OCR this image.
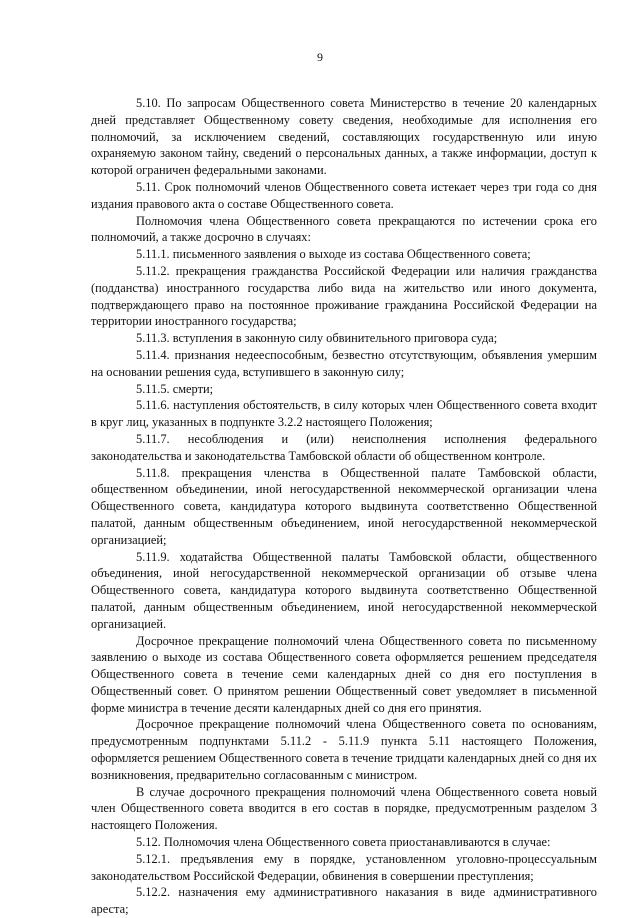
9

5.10. По запросам Общественного совета Министерство в течение 20 календарных дней представляет Общественному совету сведения, необходимые для исполнения его полномочий, за исключением сведений, составляющих государственную или иную охраняемую законом тайну, сведений о персональных данных, а также информации, доступ к которой ограничен федеральными законами.

5.11. Срок полномочий членов Общественного совета истекает через три года со дня издания правового акта о составе Общественного совета.

Полномочия члена Общественного совета прекращаются по истечении срока его полномочий, а также досрочно в случаях:

5.11.1. письменного заявления о выходе из состава Общественного совета;

5.11.2. прекращения гражданства Российской Федерации или наличия гражданства (подданства) иностранного государства либо вида на жительство или иного документа, подтверждающего право на постоянное проживание гражданина Российской Федерации на территории иностранного государства;

5.11.3. вступления в законную силу обвинительного приговора суда;

5.11.4. признания недееспособным, безвестно отсутствующим, объявления умершим на основании решения суда, вступившего в законную силу;

5.11.5. смерти;

5.11.6. наступления обстоятельств, в силу которых член Общественного совета входит в круг лиц, указанных в подпункте 3.2.2 настоящего Положения;

5.11.7. несоблюдения и (или) неисполнения исполнения федерального законодательства и законодательства Тамбовской области об общественном контроле.

5.11.8. прекращения членства в Общественной палате Тамбовской области, общественном объединении, иной негосударственной некоммерческой организации члена Общественного совета, кандидатура которого выдвинута соответственно Общественной палатой, данным общественным объединением, иной негосударственной некоммерческой организацией;

5.11.9. ходатайства Общественной палаты Тамбовской области, общественного объединения, иной негосударственной некоммерческой организации об отзыве члена Общественного совета, кандидатура которого выдвинута соответственно Общественной палатой, данным общественным объединением, иной негосударственной некоммерческой организацией.

Досрочное прекращение полномочий члена Общественного совета по письменному заявлению о выходе из состава Общественного совета оформляется решением председателя Общественного совета в течение семи календарных дней со дня его поступления в Общественный совет. О принятом решении Общественный совет уведомляет в письменной форме министра в течение десяти календарных дней со дня его принятия.

Досрочное прекращение полномочий члена Общественного совета по основаниям, предусмотренным подпунктами 5.11.2 - 5.11.9 пункта 5.11 настоящего Положения, оформляется решением Общественного совета в течение тридцати календарных дней со дня их возникновения, предварительно согласованным с министром.

В случае досрочного прекращения полномочий члена Общественного совета новый член Общественного совета вводится в его состав в порядке, предусмотренным разделом 3 настоящего Положения.

5.12. Полномочия члена Общественного совета приостанавливаются в случае:

5.12.1. предъявления ему в порядке, установленном уголовно-процессуальным законодательством Российской Федерации, обвинения в совершении преступления;

5.12.2. назначения ему административного наказания в виде административного ареста;
